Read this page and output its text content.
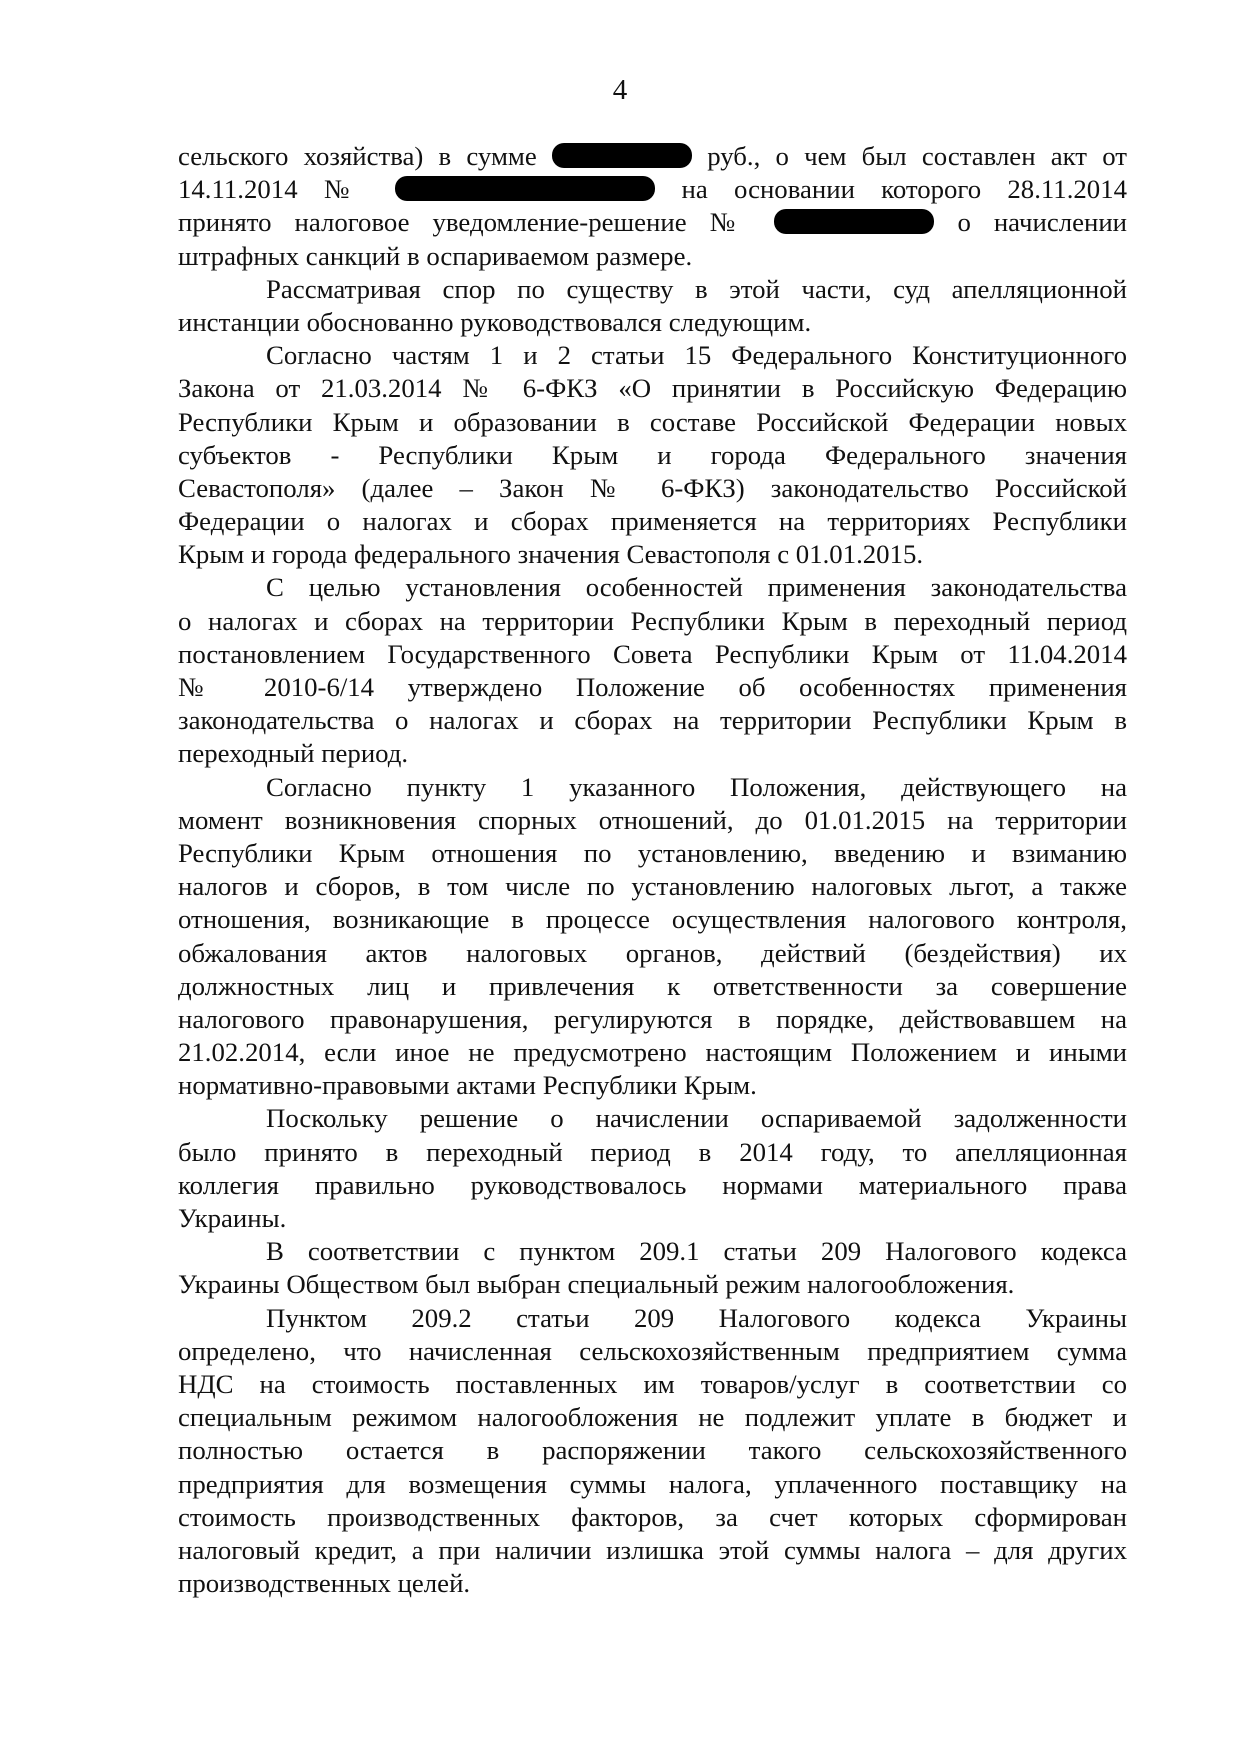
4
сельского хозяйства) в сумме	руб., о чем был составлен акт от
14.11.2014 №	на основании которого 28.11.2014
принято налоговое уведомление-решение №	о начислении
штрафных санкций в оспариваемом размере.
Рассматривая спор по существу в этой части, суд апелляционной
инстанции обоснованно руководствовался следующим.
Согласно частям 1 и 2 статьи 15 Федерального Конституционного
Закона от 21.03.2014 № 6-ФКЗ «О принятии в Российскую Федерацию
Республики Крым и образовании в составе Российской Федерации новых
субъектов - Республики Крым и города Федерального значения
Севастополя» (далее – Закон № 6-ФКЗ) законодательство Российской
Федерации о налогах и сборах применяется на территориях Республики
Крым и города федерального значения Севастополя с 01.01.2015.
С целью установления особенностей применения законодательства
о налогах и сборах на территории Республики Крым в переходный период
постановлением Государственного Совета Республики Крым от 11.04.2014
№ 2010-6/14 утверждено Положение об особенностях применения
законодательства о налогах и сборах на территории Республики Крым в
переходный период.
Согласно пункту 1 указанного Положения, действующего на
момент возникновения спорных отношений, до 01.01.2015 на территории
Республики Крым отношения по установлению, введению и взиманию
налогов и сборов, в том числе по установлению налоговых льгот, а также
отношения, возникающие в процессе осуществления налогового контроля,
обжалования актов налоговых органов, действий (бездействия) их
должностных лиц и привлечения к ответственности за совершение
налогового правонарушения, регулируются в порядке, действовавшем на
21.02.2014, если иное не предусмотрено настоящим Положением и иными
нормативно-правовыми актами Республики Крым.
Поскольку решение о начислении оспариваемой задолженности
было принято в переходный период в 2014 году, то апелляционная
коллегия правильно руководствовалось нормами материального права
Украины.
В соответствии с пунктом 209.1 статьи 209 Налогового кодекса
Украины Обществом был выбран специальный режим налогообложения.
Пунктом 209.2 статьи 209 Налогового кодекса Украины
определено, что начисленная сельскохозяйственным предприятием сумма
НДС на стоимость поставленных им товаров/услуг в соответствии со
специальным режимом налогообложения не подлежит уплате в бюджет и
полностью остается в распоряжении такого сельскохозяйственного
предприятия для возмещения суммы налога, уплаченного поставщику на
стоимость производственных факторов, за счет которых сформирован
налоговый кредит, а при наличии излишка этой суммы налога – для других
производственных целей.
